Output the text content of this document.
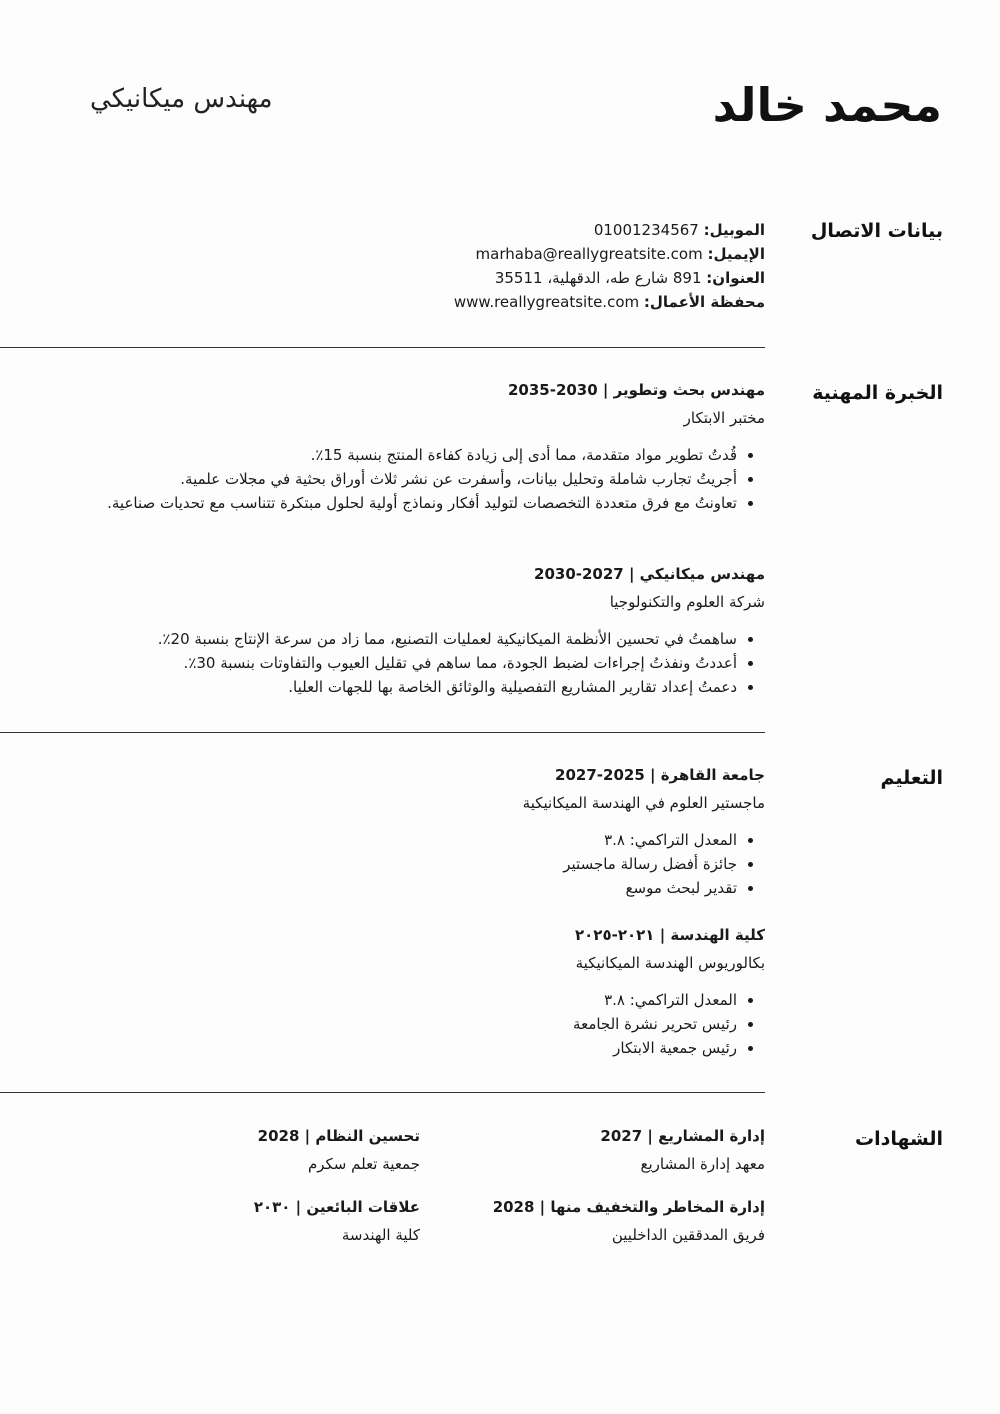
محمد خالد
مهندس ميكانيكي
بيانات الاتصال
الموبيل: 01001234567
الإيميل: marhaba@reallygreatsite.com
العنوان: 891 شارع طه، الدقهلية، 35511
محفظة الأعمال: www.reallygreatsite.com
الخبرة المهنية

مهندس بحث وتطوير | 2030-2035

مختبر الابتكار

• قُدتُ تطوير مواد متقدمة، مما أدى إلى زيادة كفاءة المنتج بنسبة 15٪.
• أجريتُ تجارب شاملة وتحليل بيانات، وأسفرت عن نشر ثلاث أوراق بحثية في مجلات علمية.
• تعاونتُ مع فرق متعددة التخصصات لتوليد أفكار ونماذج أولية لحلول مبتكرة تتناسب مع تحديات صناعية.

مهندس ميكانيكي | 2027-2030

شركة العلوم والتكنولوجيا

• ساهمتُ في تحسين الأنظمة الميكانيكية لعمليات التصنيع، مما زاد من سرعة الإنتاج بنسبة 20٪.
• أعددتُ ونفذتُ إجراءات لضبط الجودة، مما ساهم في تقليل العيوب والتفاوتات بنسبة 30٪.
• دعمتُ إعداد تقارير المشاريع التفصيلية والوثائق الخاصة بها للجهات العليا.
التعليم

جامعة القاهرة | 2025-2027

ماجستير العلوم في الهندسة الميكانيكية

• المعدل التراكمي: ٣.٨
• جائزة أفضل رسالة ماجستير
• تقدير لبحث موسع

كلية الهندسة | ٢٠٢١-٢٠٢٥

بكالوريوس الهندسة الميكانيكية

• المعدل التراكمي: ٣.٨
• رئيس تحرير نشرة الجامعة
• رئيس جمعية الابتكار
الشهادات

إدارة المشاريع | 2027

معهد إدارة المشاريع

تحسين النظام | 2028

جمعية تعلم سكرم

إدارة المخاطر والتخفيف منها | 2028

فريق المدققين الداخليين

علاقات البائعين | ٢٠٣٠

كلية الهندسة
